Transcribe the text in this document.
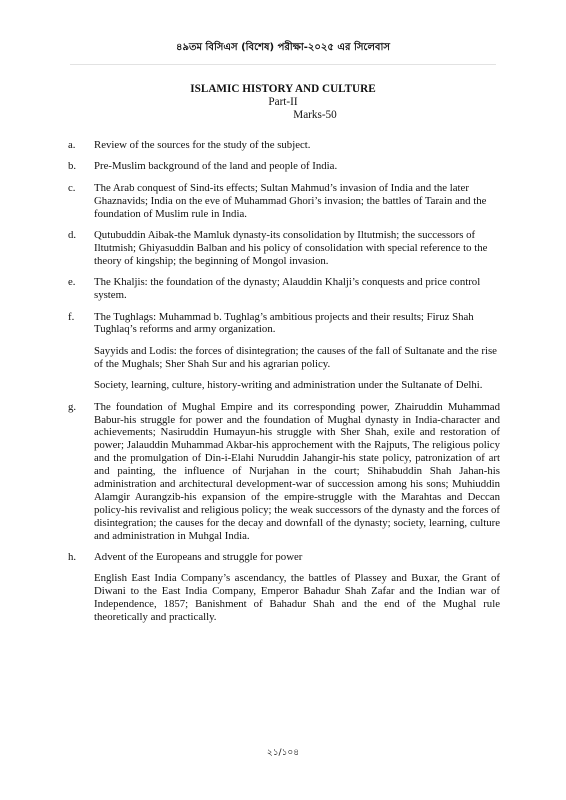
৪৯তম বিসিএস (বিশেষ) পরীক্ষা-২০২৫ এর সিলেবাস
ISLAMIC HISTORY AND CULTURE
Part-II
Marks-50
a.	Review of the sources for the study of the subject.
b.	Pre-Muslim background of the land and people of India.
c.	The Arab conquest of Sind-its effects; Sultan Mahmud’s invasion of India and the later Ghaznavids; India on the eve of Muhammad Ghori’s invasion; the battles of Tarain and the foundation of Muslim rule in India.
d.	Qutubuddin Aibak-the Mamluk dynasty-its consolidation by Iltutmish; the successors of Iltutmish; Ghiyasuddin Balban and his policy of consolidation with special reference to the theory of kingship; the beginning of Mongol invasion.
e.	The Khaljis: the foundation of the dynasty; Alauddin Khalji’s conquests and price control system.
f.	The Tughlags: Muhammad b. Tughlag’s ambitious projects and their results; Firuz Shah Tughlaq’s reforms and army organization.
Sayyids and Lodis: the forces of disintegration; the causes of the fall of Sultanate and the rise of the Mughals; Sher Shah Sur and his agrarian policy.
Society, learning, culture, history-writing and administration under the Sultanate of Delhi.
g.	The foundation of Mughal Empire and its corresponding power, Zhairuddin Muhammad Babur-his struggle for power and the foundation of Mughal dynasty in India-character and achievements; Nasiruddin Humayun-his struggle with Sher Shah, exile and restoration of power; Jalauddin Muhammad Akbar-his approchement with the Rajputs, The religious policy and the promulgation of Din-i-Elahi Nuruddin Jahangir-his state policy, patronization of art and painting, the influence of Nurjahan in the court; Shihabuddin Shah Jahan-his administration and architectural development-war of succession among his sons; Muhiuddin Alamgir Aurangzib-his expansion of the empire-struggle with the Marahtas and Deccan policy-his revivalist and religious policy; the weak successors of the dynasty and the forces of disintegration; the causes for the decay and downfall of the dynasty; society, learning, culture and administration in Muhgal India.
h.	Advent of the Europeans and struggle for power
English East India Company’s ascendancy, the battles of Plassey and Buxar, the Grant of Diwani to the East India Company, Emperor Bahadur Shah Zafar and the Indian war of Independence, 1857; Banishment of Bahadur Shah and the end of the Mughal rule theoretically and practically.
২১/১০৪
